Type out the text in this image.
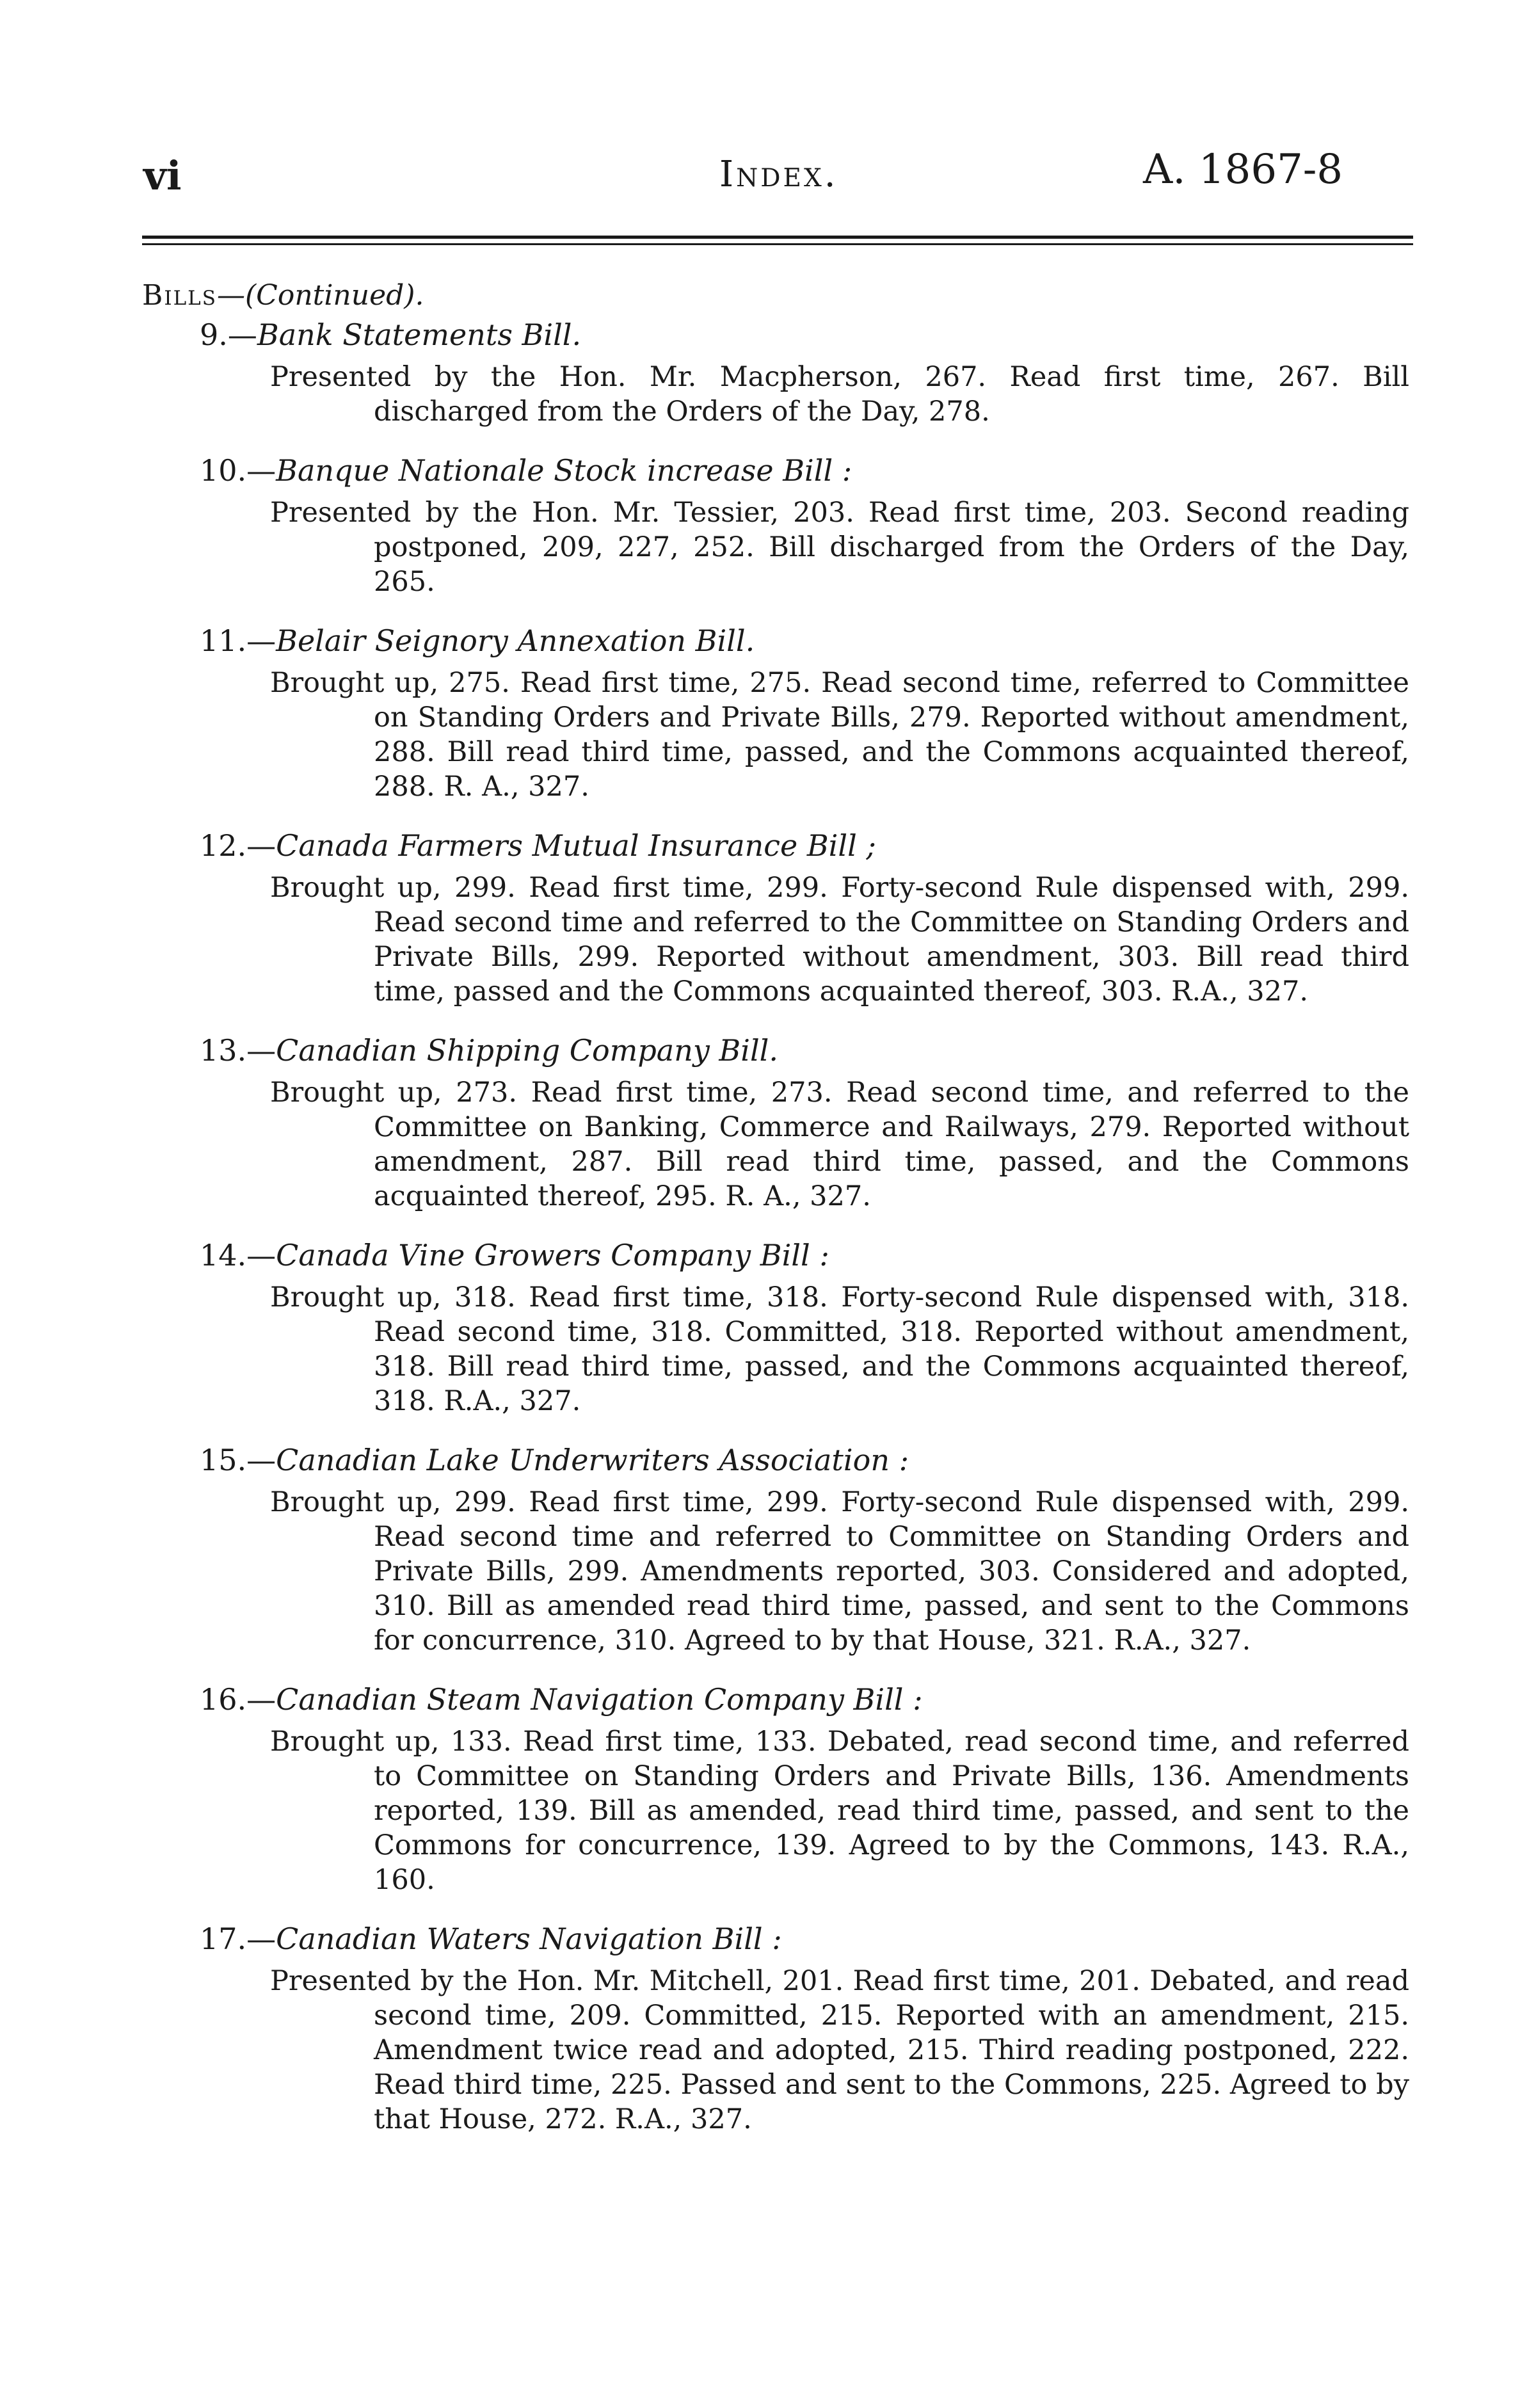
vi	Index.	A. 1867-8
Bills—(Continued).
9.—Bank Statements Bill.
Presented by the Hon. Mr. Macpherson, 267. Read first time, 267. Bill discharged from the Orders of the Day, 278.
10.—Banque Nationale Stock increase Bill :
Presented by the Hon. Mr. Tessier, 203. Read first time, 203. Second reading postponed, 209, 227, 252. Bill discharged from the Orders of the Day, 265.
11.—Belair Seignory Annexation Bill.
Brought up, 275. Read first time, 275. Read second time, referred to Committee on Standing Orders and Private Bills, 279. Reported without amendment, 288. Bill read third time, passed, and the Commons acquainted thereof, 288. R. A., 327.
12.—Canada Farmers Mutual Insurance Bill ;
Brought up, 299. Read first time, 299. Forty-second Rule dispensed with, 299. Read second time and referred to the Committee on Standing Orders and Private Bills, 299. Reported without amendment, 303. Bill read third time, passed and the Commons acquainted thereof, 303. R.A., 327.
13.—Canadian Shipping Company Bill.
Brought up, 273. Read first time, 273. Read second time, and referred to the Committee on Banking, Commerce and Railways, 279. Reported without amendment, 287. Bill read third time, passed, and the Commons acquainted thereof, 295. R. A., 327.
14.—Canada Vine Growers Company Bill :
Brought up, 318. Read first time, 318. Forty-second Rule dispensed with, 318. Read second time, 318. Committed, 318. Reported without amendment, 318. Bill read third time, passed, and the Commons acquainted thereof, 318. R.A., 327.
15.—Canadian Lake Underwriters Association :
Brought up, 299. Read first time, 299. Forty-second Rule dispensed with, 299. Read second time and referred to Committee on Standing Orders and Private Bills, 299. Amendments reported, 303. Considered and adopted, 310. Bill as amended read third time, passed, and sent to the Commons for concurrence, 310. Agreed to by that House, 321. R.A., 327.
16.—Canadian Steam Navigation Company Bill :
Brought up, 133. Read first time, 133. Debated, read second time, and referred to Committee on Standing Orders and Private Bills, 136. Amendments reported, 139. Bill as amended, read third time, passed, and sent to the Commons for concurrence, 139. Agreed to by the Commons, 143. R.A., 160.
17.—Canadian Waters Navigation Bill :
Presented by the Hon. Mr. Mitchell, 201. Read first time, 201. Debated, and read second time, 209. Committed, 215. Reported with an amendment, 215. Amendment twice read and adopted, 215. Third reading postponed, 222. Read third time, 225. Passed and sent to the Commons, 225. Agreed to by that House, 272. R.A., 327.
